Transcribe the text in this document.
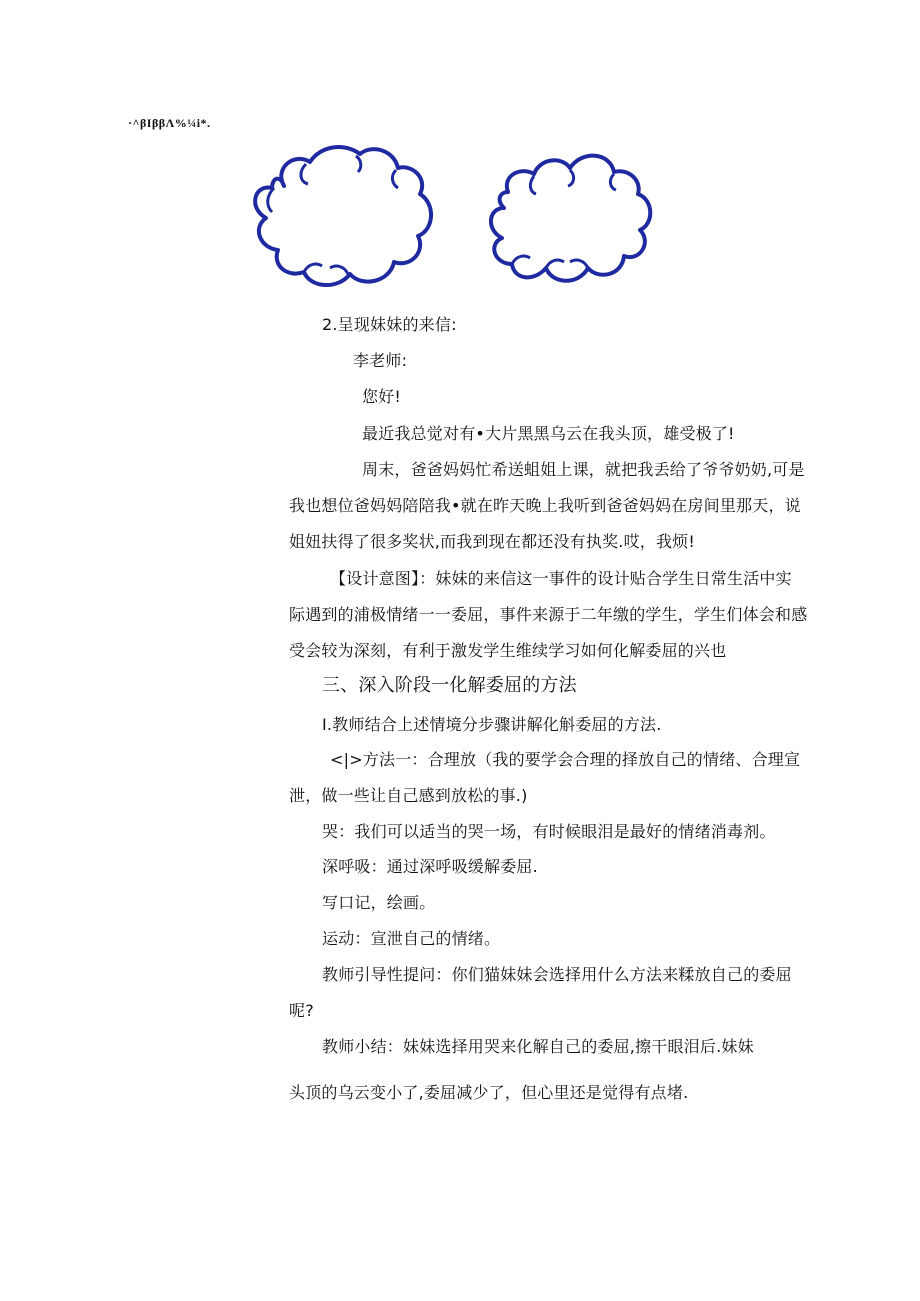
·^βIββΛ%¼i*.
2.呈现妹妹的来信:
李老师:
您好!
最近我总觉对有•大片黑黑乌云在我头顶，雄受极了!
周末，爸爸妈妈忙希送蛆姐上课，就把我丢给了爷爷奶奶,可是
我也想位爸妈妈陪陪我•就在昨天晚上我听到爸爸妈妈在房间里那天，说
姐妞扶得了很多奖状,而我到现在都还没有执奖.哎，我烦!
【设计意图】：妹妹的来信这一事件的设计贴合学生日常生活中实
际遇到的浦极情绪一一委屈，事件来源于二年缴的学生，学生们体会和感
受会较为深刻，有利于激发学生维续学习如何化解委屈的兴也
三、深入阶段一化解委屈的方法
I.教师结合上述情境分步骤讲解化斛委屈的方法.
<|>方法一：合理放（我的要学会合理的择放自己的情绪、合理宣
泄，做一些让自己感到放松的事.)
哭：我们可以适当的哭一场，有时候眼泪是最好的情绪消毒剂。
深呼吸：通过深呼吸缓解委屈.
写口记，绘画。
运动：宣泄自己的情绪。
教师引导性提问：你们猫妹妹会选择用什么方法来糅放自己的委屈
呢?
教师小结：妹妹选择用哭来化解自己的委屈,擦干眼泪后.妹妹
头顶的乌云变小了,委屈减少了，但心里还是觉得有点堵.
